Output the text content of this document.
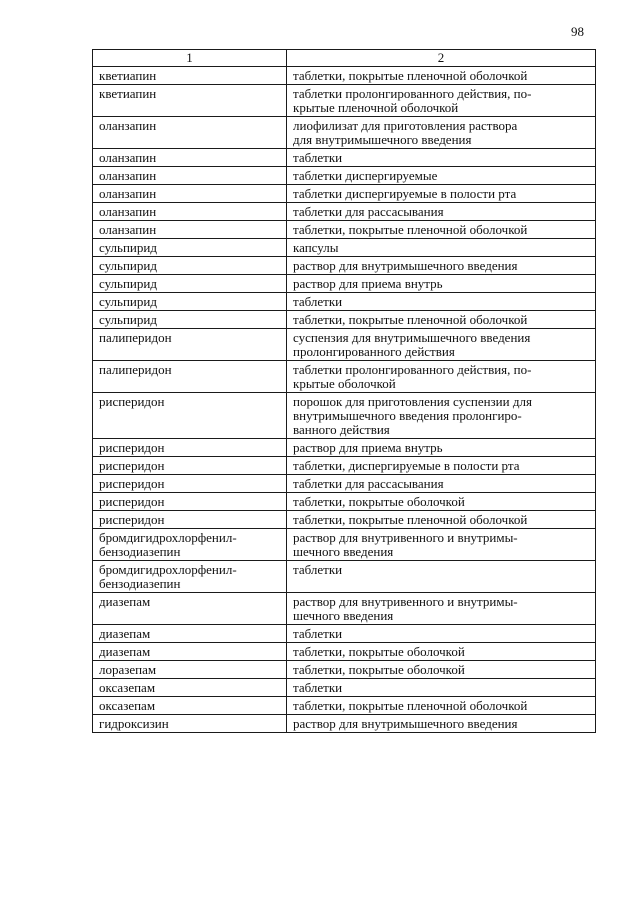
98
1	2
кветиапин	таблетки, покрытые пленочной оболочкой
кветиапин	таблетки пролонгированного действия, по-
крытые пленочной оболочкой
оланзапин	лиофилизат для приготовления раствора
для внутримышечного введения
оланзапин	таблетки
оланзапин	таблетки диспергируемые
оланзапин	таблетки диспергируемые в полости рта
оланзапин	таблетки для рассасывания
оланзапин	таблетки, покрытые пленочной оболочкой
сульпирид	капсулы
сульпирид	раствор для внутримышечного введения
сульпирид	раствор для приема внутрь
сульпирид	таблетки
сульпирид	таблетки, покрытые пленочной оболочкой
палиперидон	суспензия для внутримышечного введения
пролонгированного действия
палиперидон	таблетки пролонгированного действия, по-
крытые оболочкой
рисперидон	порошок для приготовления суспензии для
внутримышечного введения пролонгиро-
ванного действия
рисперидон	раствор для приема внутрь
рисперидон	таблетки, диспергируемые в полости рта
рисперидон	таблетки для рассасывания
рисперидон	таблетки, покрытые оболочкой
рисперидон	таблетки, покрытые пленочной оболочкой
бромдигидрохлорфенил-
бензодиазепин	раствор для внутривенного и внутримы-
шечного введения
бромдигидрохлорфенил-
бензодиазепин	таблетки
диазепам	раствор для внутривенного и внутримы-
шечного введения
диазепам	таблетки
диазепам	таблетки, покрытые оболочкой
лоразепам	таблетки, покрытые оболочкой
оксазепам	таблетки
оксазепам	таблетки, покрытые пленочной оболочкой
гидроксизин	раствор для внутримышечного введения
